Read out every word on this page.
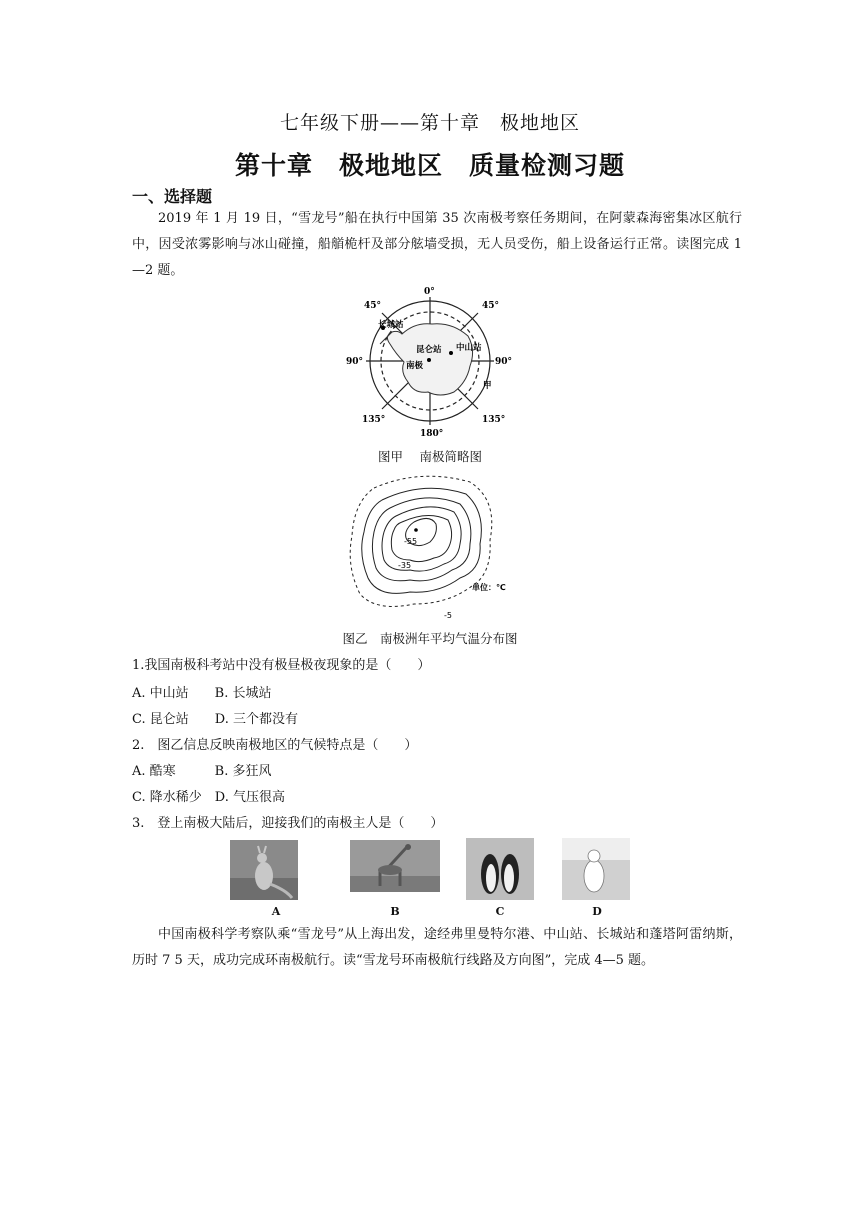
七年级下册——第十章　极地地区
第十章　极地地区　质量检测习题
一、选择题
2019 年 1 月 19 日，“雪龙号”船在执行中国第 35 次南极考察任务期间，在阿蒙森海密集冰区航行中，因受浓雾影响与冰山碰撞，船艏桅杆及部分舷墙受损，无人员受伤，船上设备运行正常。读图完成 1—2 题。
0°
45°	45°
90°	90°
135°	135°
180°
长城站
昆仑站 中山站
南极
甲
图甲　 南极简略图
-55
-35
-5
单位：℃
图乙　南极洲年平均气温分布图
1.我国南极科考站中没有极昼极夜现象的是（　　）
A. 中山站　　B. 长城站
C. 昆仑站　　D. 三个都没有
2.　图乙信息反映南极地区的气候特点是（　　）
A. 酷寒　　　B. 多狂风
C. 降水稀少　D. 气压很高
3.　登上南极大陆后，迎接我们的南极主人是（　　）
A	B	C	D
中国南极科学考察队乘“雪龙号”从上海出发，途经弗里曼特尔港、中山站、长城站和蓬塔阿雷纳斯，历时 7 5 天，成功完成环南极航行。读“雪龙号环南极航行线路及方向图”，完成 4—5 题。
